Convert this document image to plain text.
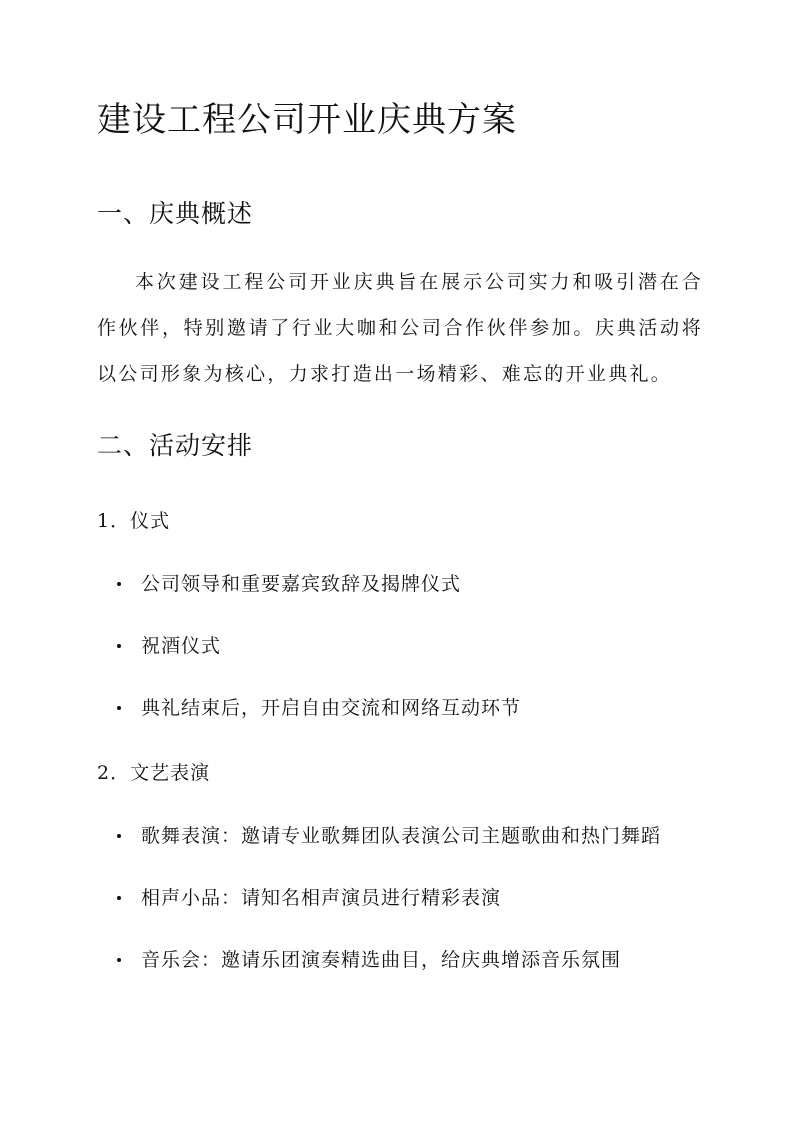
建设工程公司开业庆典方案
一、庆典概述

本次建设工程公司开业庆典旨在展示公司实力和吸引潜在合作伙伴，特别邀请了行业大咖和公司合作伙伴参加。庆典活动将以公司形象为核心，力求打造出一场精彩、难忘的开业典礼。

二、活动安排
1．仪式
公司领导和重要嘉宾致辞及揭牌仪式
祝酒仪式
典礼结束后，开启自由交流和网络互动环节
2．文艺表演
歌舞表演：邀请专业歌舞团队表演公司主题歌曲和热门舞蹈
相声小品：请知名相声演员进行精彩表演
音乐会：邀请乐团演奏精选曲目，给庆典增添音乐氛围
